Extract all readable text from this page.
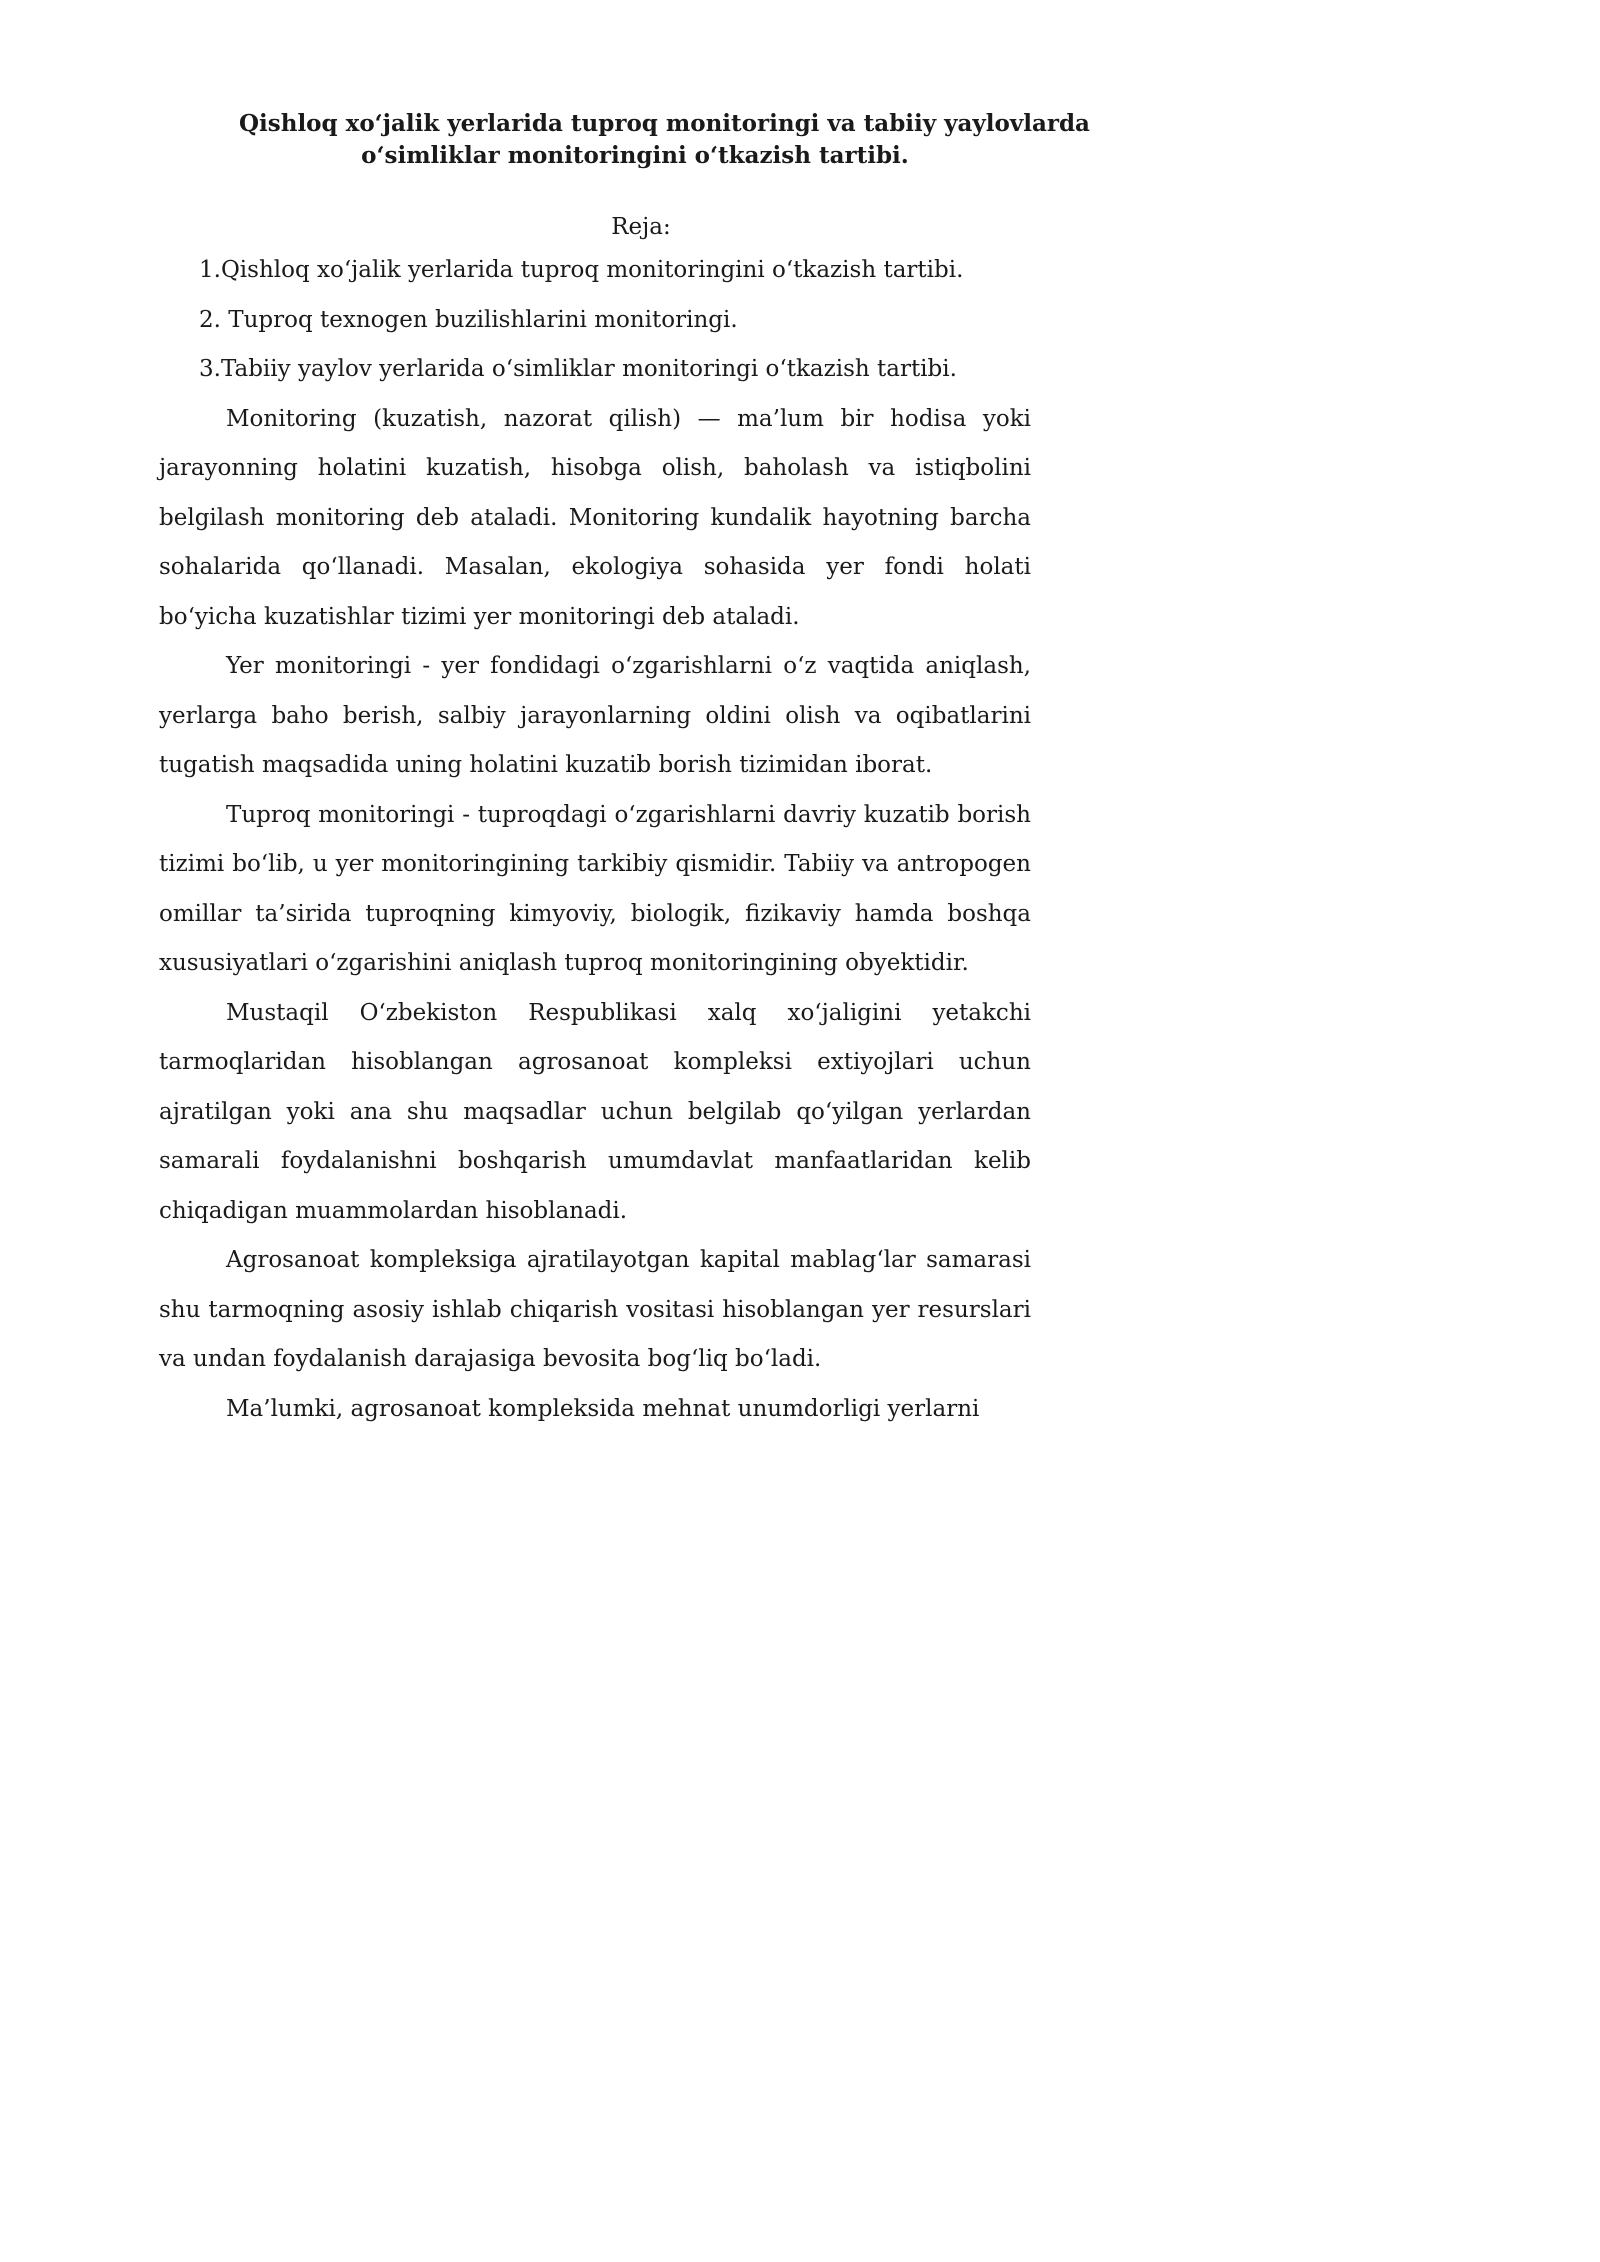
Qishloq xo‘jalik yerlarida tuproq monitoringi va tabiiy yaylovlarda
o‘simliklar monitoringini o‘tkazish tartibi.
Reja:
1.Qishloq xo‘jalik yerlarida tuproq monitoringini o‘tkazish tartibi.
2. Tuproq texnogen buzilishlarini monitoringi.
3.Tabiiy yaylov yerlarida o‘simliklar monitoringi o‘tkazish tartibi.

Monitoring (kuzatish, nazorat qilish) — ma’lum bir hodisa yoki jarayonning holatini kuzatish, hisobga olish, baholash va istiqbolini belgilash monitoring deb ataladi. Monitoring kundalik hayotning barcha sohalarida qo‘llanadi. Masalan, ekologiya sohasida yer fondi holati bo‘yicha kuzatishlar tizimi yer monitoringi deb ataladi.

Yer monitoringi - yer fondidagi o‘zgarishlarni o‘z vaqtida aniqlash, yerlarga baho berish, salbiy jarayonlarning oldini olish va oqibatlarini tugatish maqsadida uning holatini kuzatib borish tizimidan iborat.

Tuproq monitoringi - tuproqdagi o‘zgarishlarni davriy kuzatib borish tizimi bo‘lib, u yer monitoringining tarkibiy qismidir. Tabiiy va antropogen omillar ta’sirida tuproqning kimyoviy, biologik, fizikaviy hamda boshqa xususiyatlari o‘zgarishini aniqlash tuproq monitoringining obyektidir.

Mustaqil O‘zbekiston Respublikasi xalq xo‘jaligini yetakchi tarmoqlaridan hisoblangan agrosanoat kompleksi extiyojlari uchun ajratilgan yoki ana shu maqsadlar uchun belgilab qo‘yilgan yerlardan samarali foydalanishni boshqarish umumdavlat manfaatlaridan kelib chiqadigan muammolardan hisoblanadi.

Agrosanoat kompleksiga ajratilayotgan kapital mablag‘lar samarasi shu tarmoqning asosiy ishlab chiqarish vositasi hisoblangan yer resurslari va undan foydalanish darajasiga bevosita bog‘liq bo‘ladi.

Ma’lumki, agrosanoat kompleksida mehnat unumdorligi yerlarni
